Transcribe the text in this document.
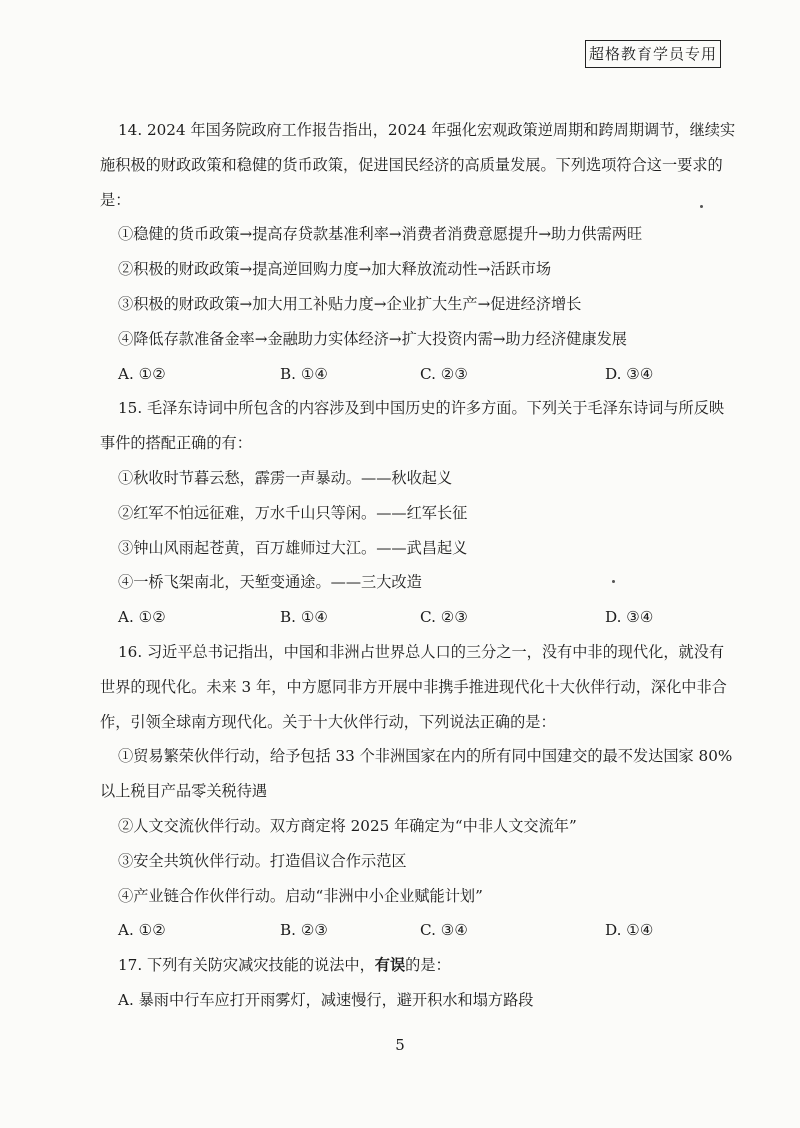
超格教育学员专用
14. 2024 年国务院政府工作报告指出，2024 年强化宏观政策逆周期和跨周期调节，继续实
施积极的财政政策和稳健的货币政策，促进国民经济的高质量发展。下列选项符合这一要求的
是：
①稳健的货币政策→提高存贷款基准利率→消费者消费意愿提升→助力供需两旺
②积极的财政政策→提高逆回购力度→加大释放流动性→活跃市场
③积极的财政政策→加大用工补贴力度→企业扩大生产→促进经济增长
④降低存款准备金率→金融助力实体经济→扩大投资内需→助力经济健康发展
A. ①②	B. ①④	C. ②③	D. ③④
15. 毛泽东诗词中所包含的内容涉及到中国历史的许多方面。下列关于毛泽东诗词与所反映
事件的搭配正确的有：
①秋收时节暮云愁，霹雳一声暴动。——秋收起义
②红军不怕远征难，万水千山只等闲。——红军长征
③钟山风雨起苍黄，百万雄师过大江。——武昌起义
④一桥飞架南北，天堑变通途。——三大改造
A. ①②	B. ①④	C. ②③	D. ③④
16. 习近平总书记指出，中国和非洲占世界总人口的三分之一，没有中非的现代化，就没有
世界的现代化。未来 3 年，中方愿同非方开展中非携手推进现代化十大伙伴行动，深化中非合
作，引领全球南方现代化。关于十大伙伴行动，下列说法正确的是：
①贸易繁荣伙伴行动，给予包括 33 个非洲国家在内的所有同中国建交的最不发达国家 80%
以上税目产品零关税待遇
②人文交流伙伴行动。双方商定将 2025 年确定为“中非人文交流年”
③安全共筑伙伴行动。打造倡议合作示范区
④产业链合作伙伴行动。启动“非洲中小企业赋能计划”
A. ①②	B. ②③	C. ③④	D. ①④
17. 下列有关防灾减灾技能的说法中，有误的是：
A. 暴雨中行车应打开雨雾灯，减速慢行，避开积水和塌方路段
5
